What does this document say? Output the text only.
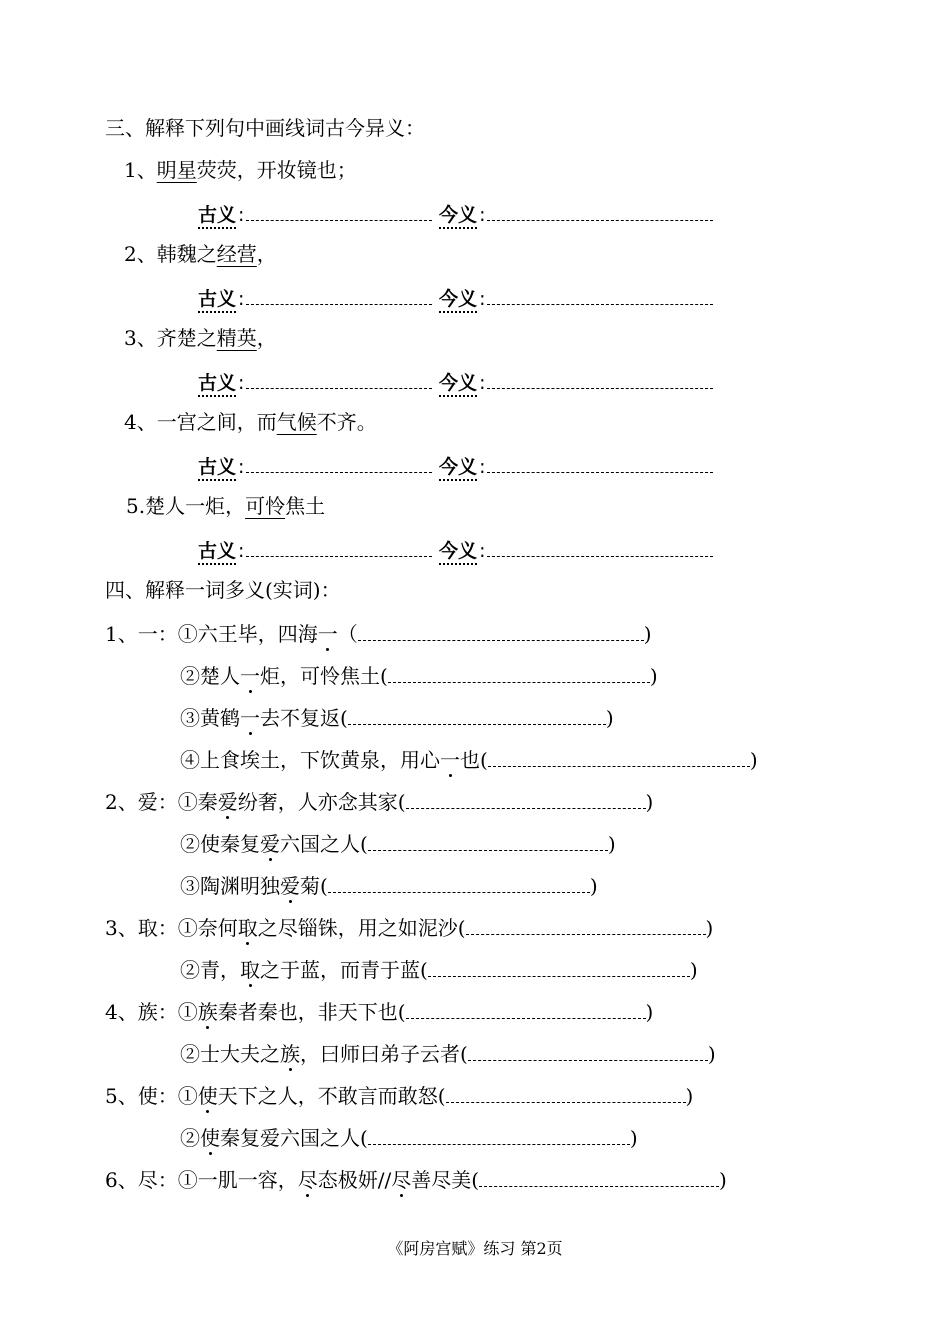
三、解释下列句中画线词古今异义：
1、明星荧荧，开妆镜也；
古义 :	今义 :
2、韩魏之经营，
古义 :	今义 :
3、齐楚之精英，
古义 :	今义 :
4、一宫之间，而气候不齐。
古义 :	今义 :
5.楚人一炬，可怜焦土
古义 :	今义 :
四、解释一词多义(实词)：
1、一：①六王毕，四海一（	)
②楚人一炬，可怜焦土(	)
③黄鹤一去不复返(	)
④上食埃土，下饮黄泉，用心一也(	)
2、爱：①秦爱纷奢，人亦念其家(	)
②使秦复爱六国之人(	)
③陶渊明独爱菊(	)
3、取：①奈何取之尽锱铢，用之如泥沙(	)
②青，取之于蓝，而青于蓝(	)
4、族：①族秦者秦也，非天下也(	)
②士大夫之族，曰师曰弟子云者(	)
5、使：①使天下之人，不敢言而敢怒(	)
②使秦复爱六国之人(	)
6、尽：①一肌一容，尽态极妍//尽善尽美(	)
《阿房宫赋》练习 第2页
